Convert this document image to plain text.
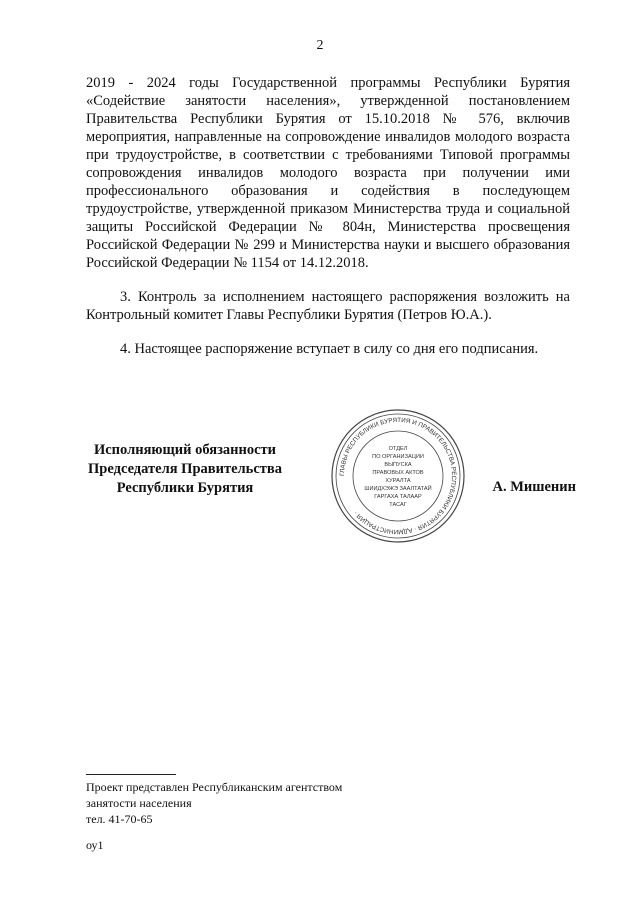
2
2019 - 2024 годы Государственной программы Республики Бурятия «Содействие занятости населения», утвержденной постановлением Правительства Республики Бурятия от 15.10.2018 № 576, включив мероприятия, направленные на сопровождение инвалидов молодого возраста при трудоустройстве, в соответствии с требованиями Типовой программы сопровождения инвалидов молодого возраста при получении ими профессионального образования и содействия в последующем трудоустройстве, утвержденной приказом Министерства труда и социальной защиты Российской Федерации № 804н, Министерства просвещения Российской Федерации № 299 и Министерства науки и высшего образования Российской Федерации № 1154 от 14.12.2018.
3. Контроль за исполнением настоящего распоряжения возложить на Контрольный комитет Главы Республики Бурятия (Петров Ю.А.).
4. Настоящее распоряжение вступает в силу со дня его подписания.
Исполняющий обязанности
Председателя Правительства
Республики Бурятия
ГЛАВЫ РЕСПУБЛИКИ БУРЯТИЯ И ПРАВИТЕЛЬСТВА РЕСПУБЛИКИ БУРЯТИЯ · АДМИНИСТРАЦИЯ ·
ОТДЕЛ
ПО ОРГАНИЗАЦИИ
ВЫПУСКА
ПРАВОВЫХ АКТОВ
ХУРАЛТА
ШИИДХЭЖЭ ЗААЛТАТАЙ
ГАРГАХА ТАЛААР
ТАСАГ
А. Мишенин
Проект представлен Республиканским агентством
занятости населения
тел. 41-70-65
оу1
